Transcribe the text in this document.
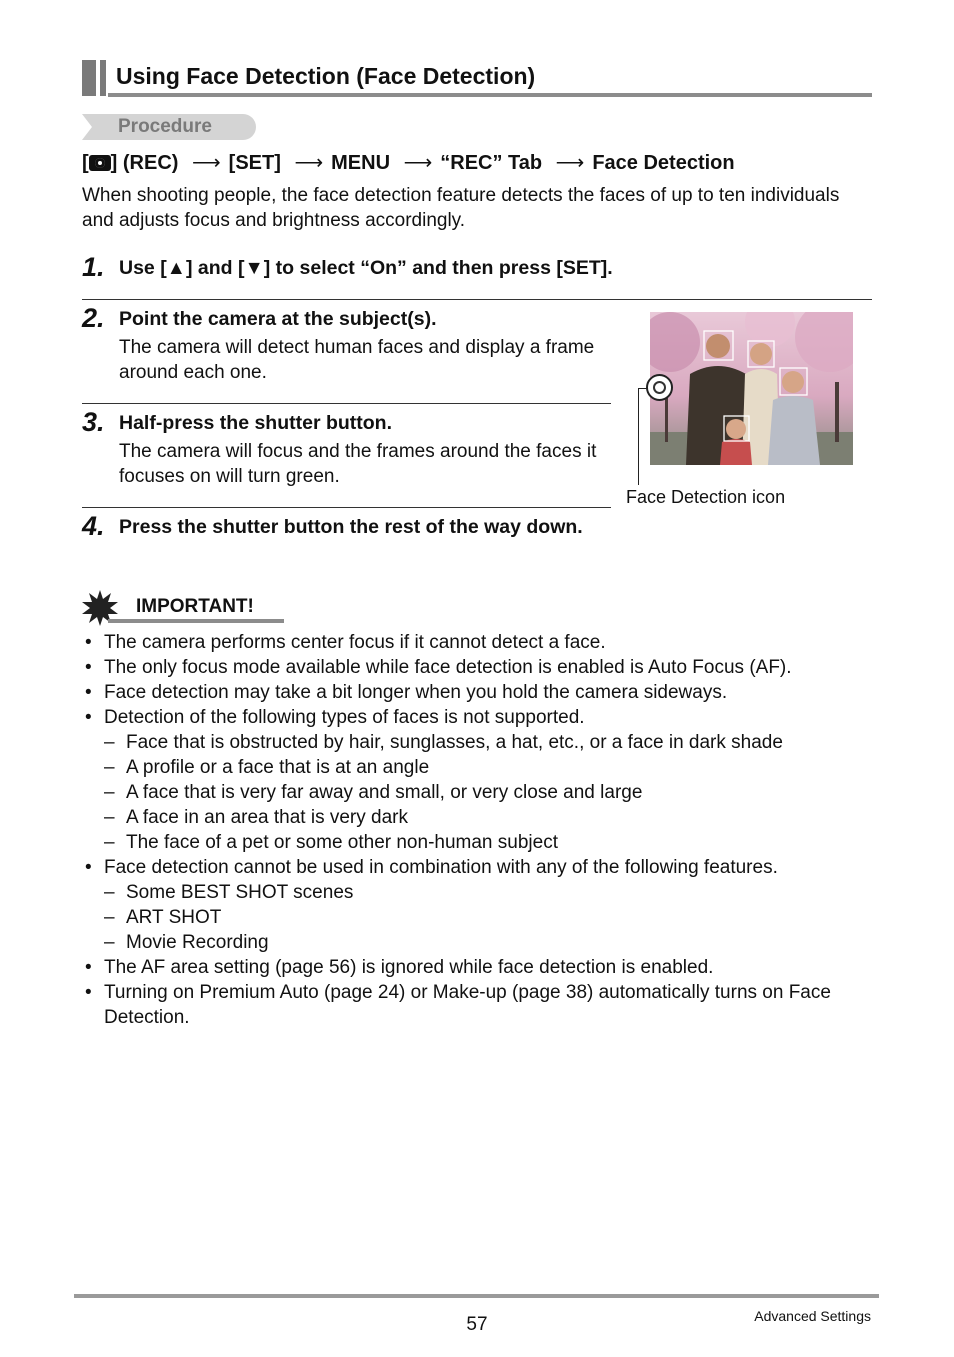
Using Face Detection (Face Detection)
Procedure
[ ] (REC) ⟶ [SET] ⟶ MENU ⟶ “REC” Tab ⟶ Face Detection
When shooting people, the face detection feature detects the faces of up to ten individuals and adjusts focus and brightness accordingly.
1. Use [▲] and [▼] to select “On” and then press [SET].
2. Point the camera at the subject(s).
The camera will detect human faces and display a frame around each one.
3. Half-press the shutter button.
The camera will focus and the frames around the faces it focuses on will turn green.
4. Press the shutter button the rest of the way down.
Face Detection icon
IMPORTANT!
• The camera performs center focus if it cannot detect a face.
• The only focus mode available while face detection is enabled is Auto Focus (AF).
• Face detection may take a bit longer when you hold the camera sideways.
• Detection of the following types of faces is not supported.
– Face that is obstructed by hair, sunglasses, a hat, etc., or a face in dark shade
– A profile or a face that is at an angle
– A face that is very far away and small, or very close and large
– A face in an area that is very dark
– The face of a pet or some other non-human subject
• Face detection cannot be used in combination with any of the following features.
– Some BEST SHOT scenes
– ART SHOT
– Movie Recording
• The AF area setting (page 56) is ignored while face detection is enabled.
• Turning on Premium Auto (page 24) or Make-up (page 38) automatically turns on Face Detection.
57	Advanced Settings
